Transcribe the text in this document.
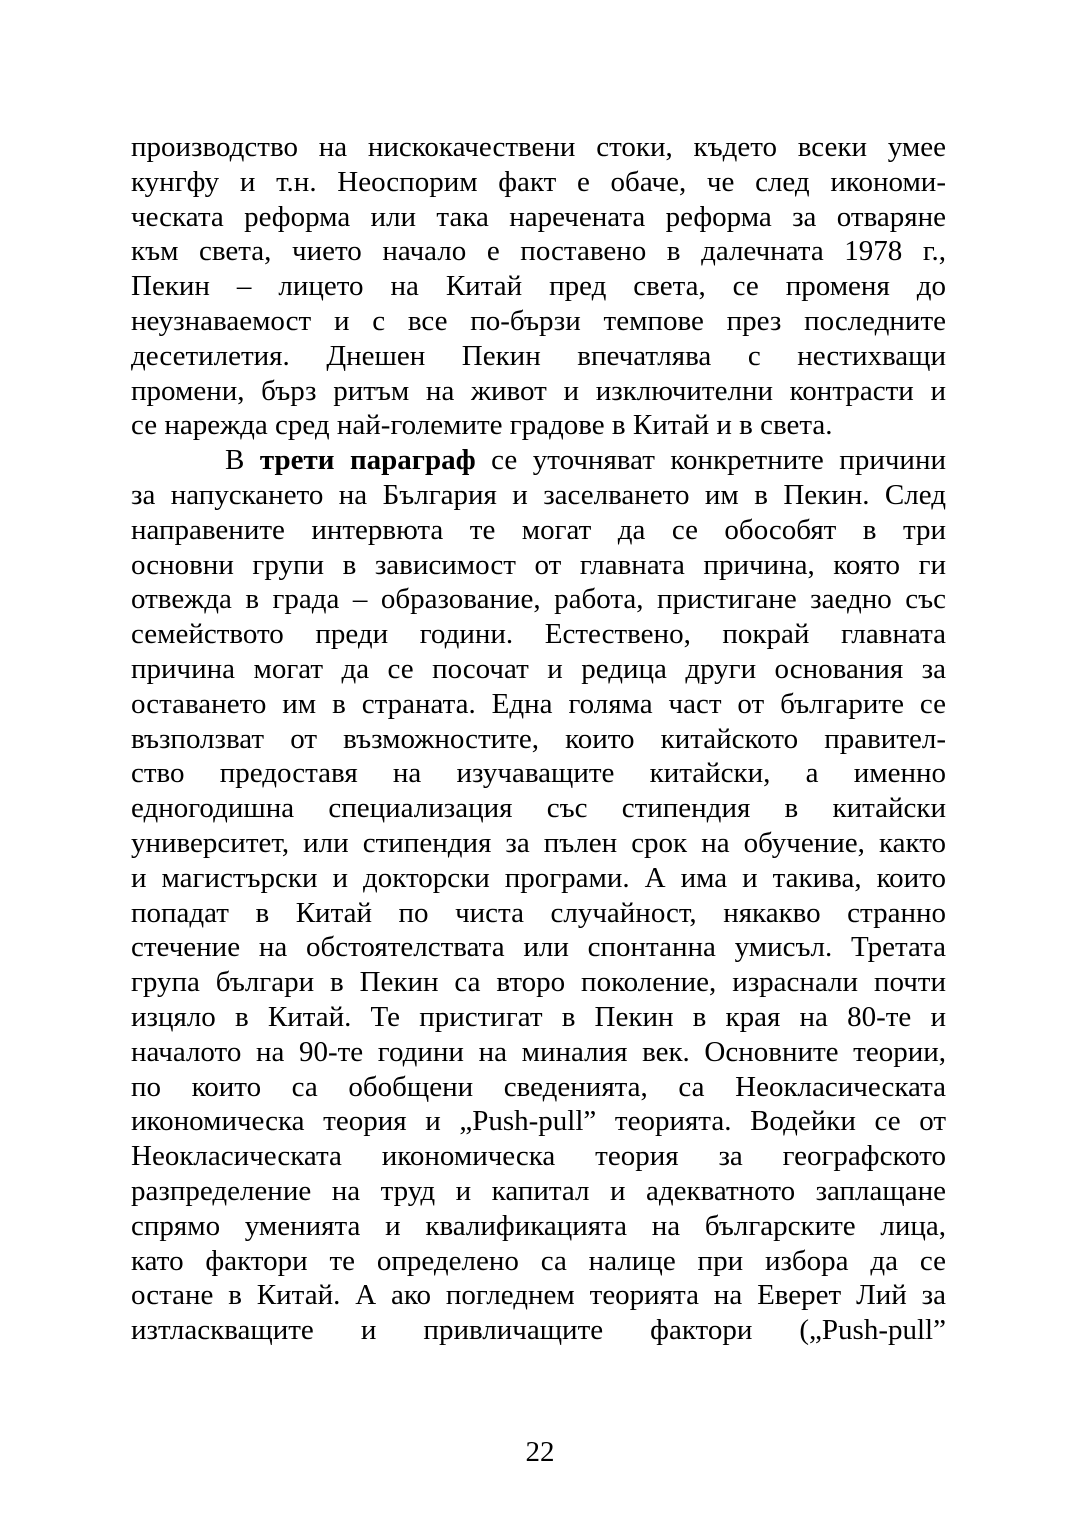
производство на нискокачествени стоки, където всеки умее
кунгфу и т.н. Неоспорим факт е обаче, че след икономи-
ческата реформа или така наречената реформа за отваряне
към света, чието начало е поставено в далечната 1978 г.,
Пекин – лицето на Китай пред света, се променя до
неузнаваемост и с все по-бързи темпове през последните
десетилетия. Днешен Пекин впечатлява с нестихващи
промени, бърз ритъм на живот и изключителни контрасти и
се нарежда сред най-големите градове в Китай и в света.
В трети параграф се уточняват конкретните причини
за напускането на България и заселването им в Пекин. След
направените интервюта те могат да се обособят в три
основни групи в зависимост от главната причина, която ги
отвежда в града – образование, работа, пристигане заедно със
семейството преди години. Естествено, покрай главната
причина могат да се посочат и редица други основания за
оставането им в страната. Една голяма част от българите се
възползват от възможностите, които китайското правител-
ство предоставя на изучаващите китайски, а именно
едногодишна специализация със стипендия в китайски
университет, или стипендия за пълен срок на обучение, както
и магистърски и докторски програми. А има и такива, които
попадат в Китай по чиста случайност, някакво странно
стечение на обстоятелствата или спонтанна умисъл. Третата
група българи в Пекин са второ поколение, израснали почти
изцяло в Китай. Те пристигат в Пекин в края на 80-те и
началото на 90-те години на миналия век. Основните теории,
по които са обобщени сведенията, са Неокласическата
икономическа теория и „Push-pull” теорията. Водейки се от
Неокласическата икономическа теория за географското
разпределение на труд и капитал и адекватното заплащане
спрямо уменията и квалификацията на българските лица,
като фактори те определено са налице при избора да се
остане в Китай. А ако погледнем теорията на Еверет Лий за
изтласкващите и привличащите фактори („Push-pull”
22
